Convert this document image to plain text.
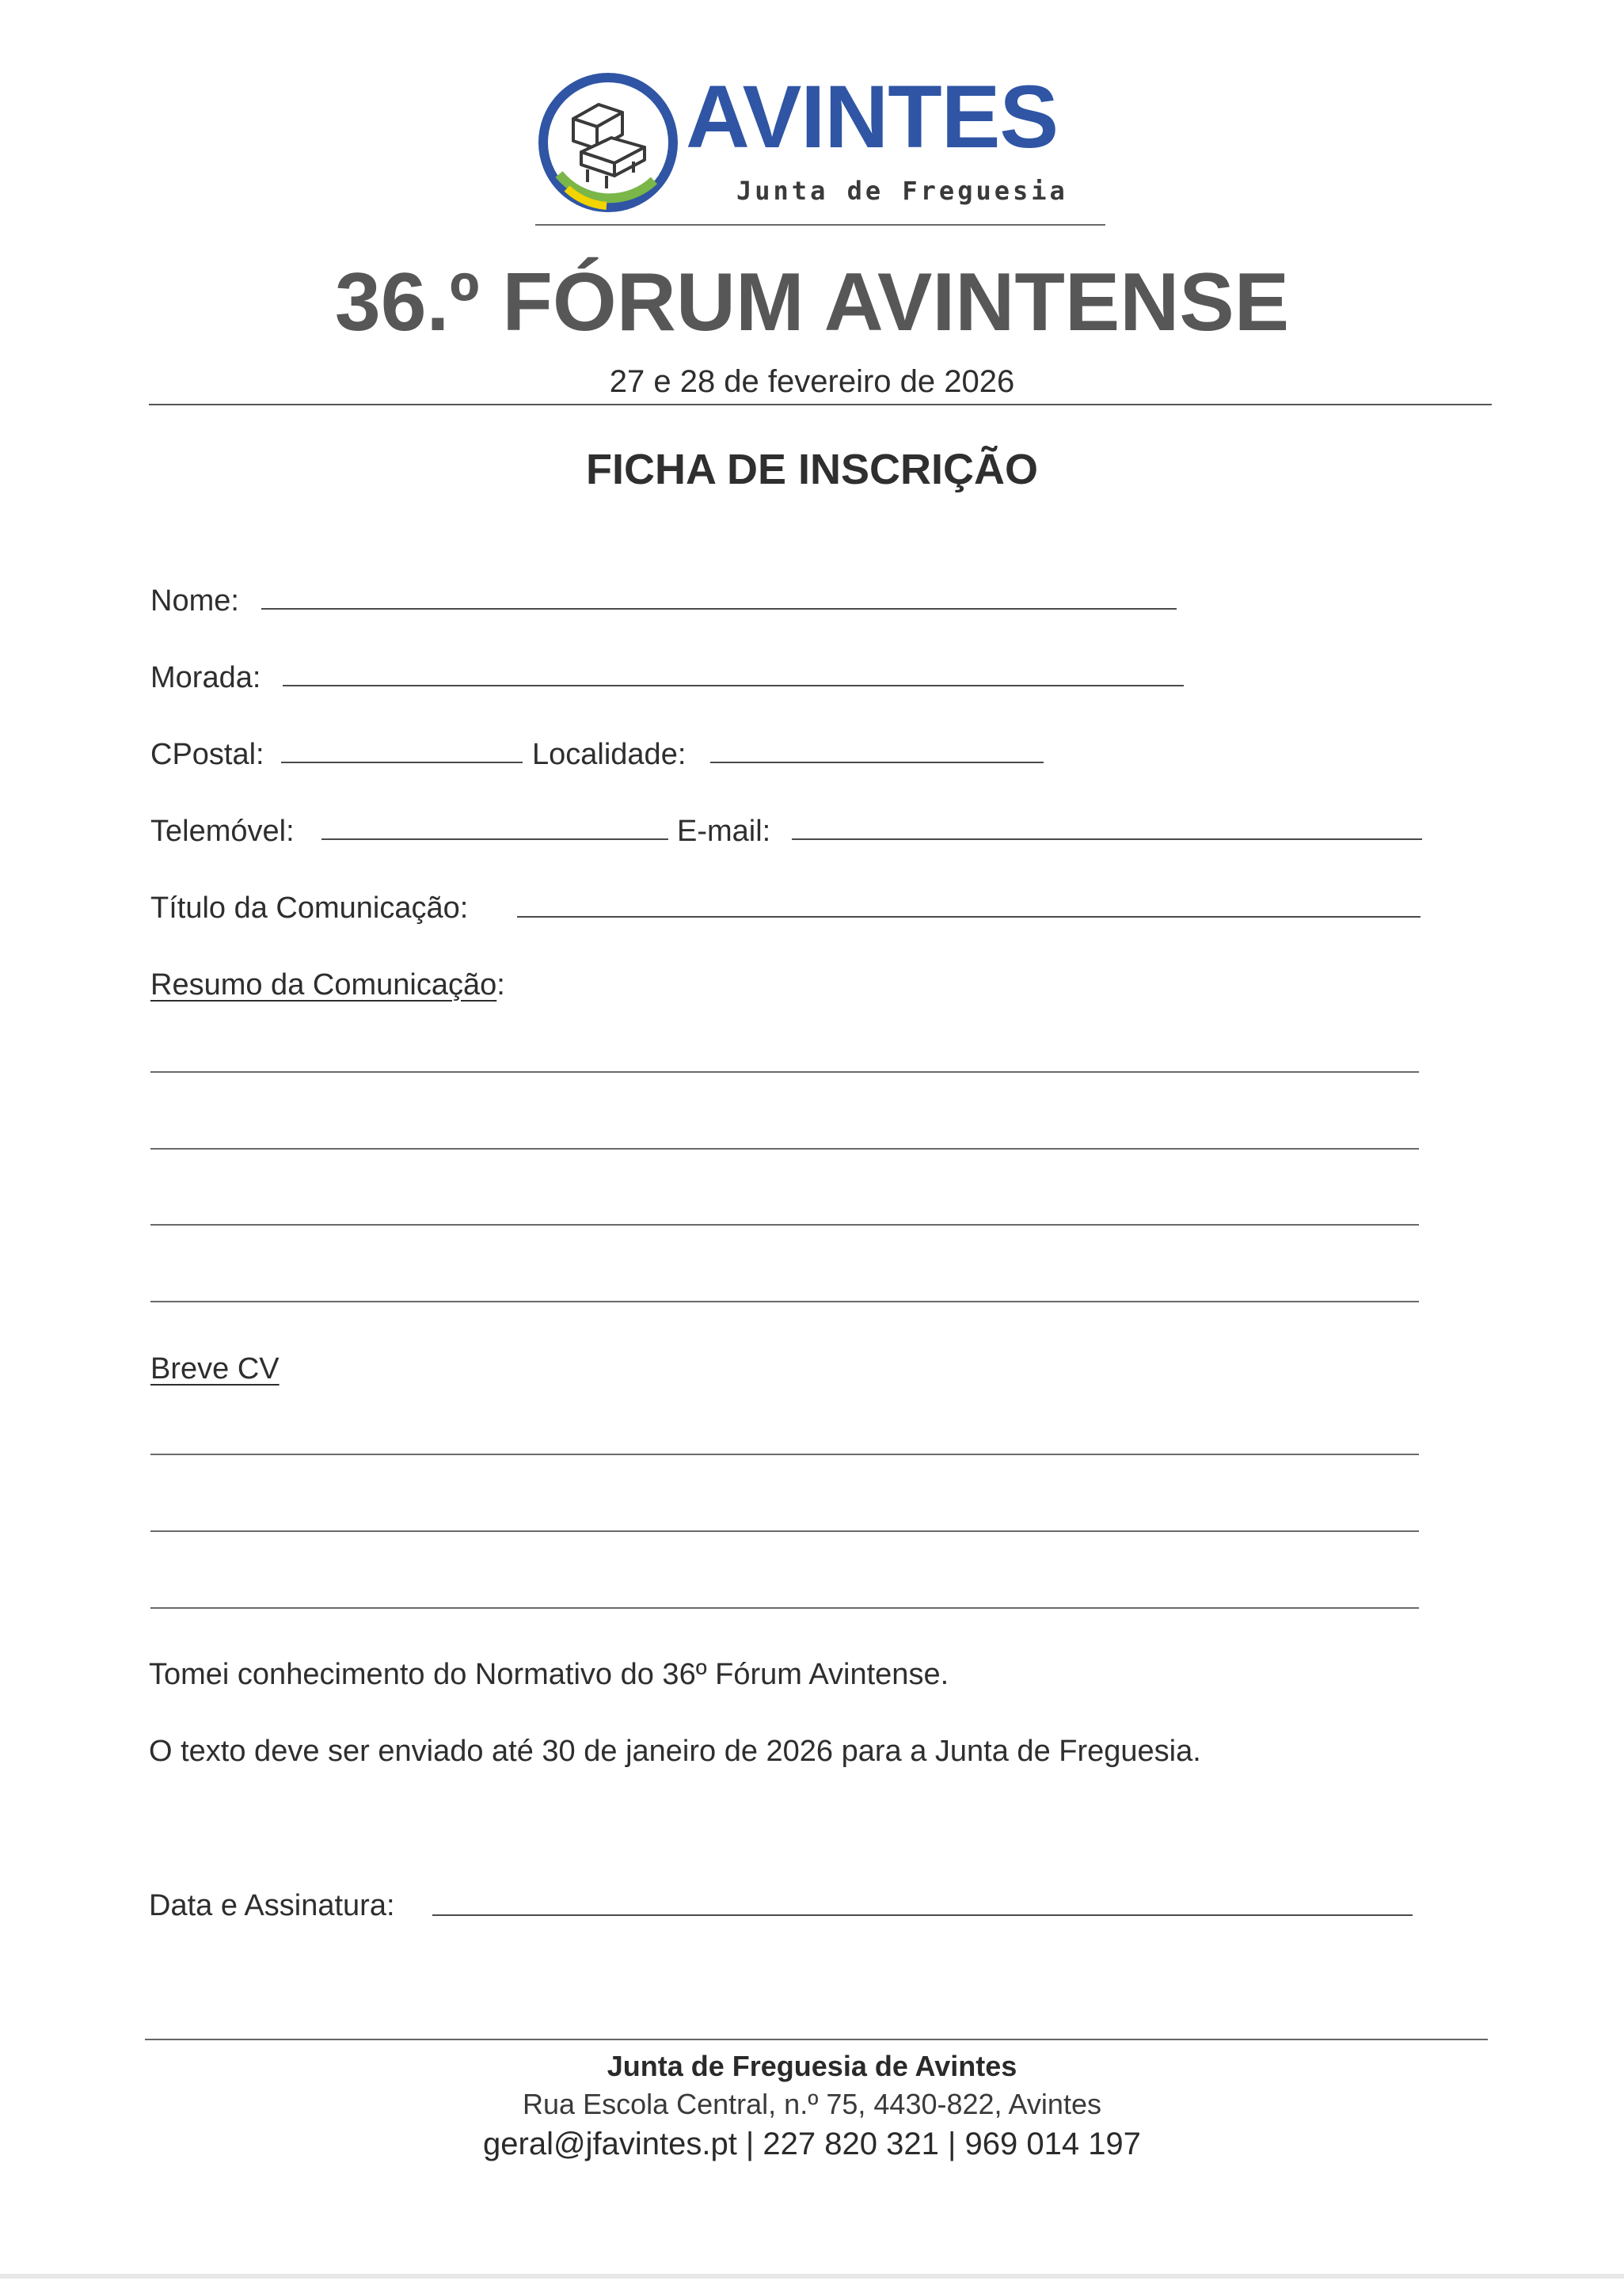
AVINTES
Junta de Freguesia
36.º FÓRUM AVINTENSE
27 e 28 de fevereiro de 2026
FICHA DE INSCRIÇÃO
Nome:
Morada:
CPostal:	Localidade:
Telemóvel:	E-mail:
Título da Comunicação:
Resumo da Comunicação:
Breve CV
Tomei conhecimento do Normativo do 36º Fórum Avintense.
O texto deve ser enviado até 30 de janeiro de 2026 para a Junta de Freguesia.
Data e Assinatura:
Junta de Freguesia de Avintes
Rua Escola Central, n.º 75, 4430-822, Avintes
geral@jfavintes.pt | 227 820 321 | 969 014 197
